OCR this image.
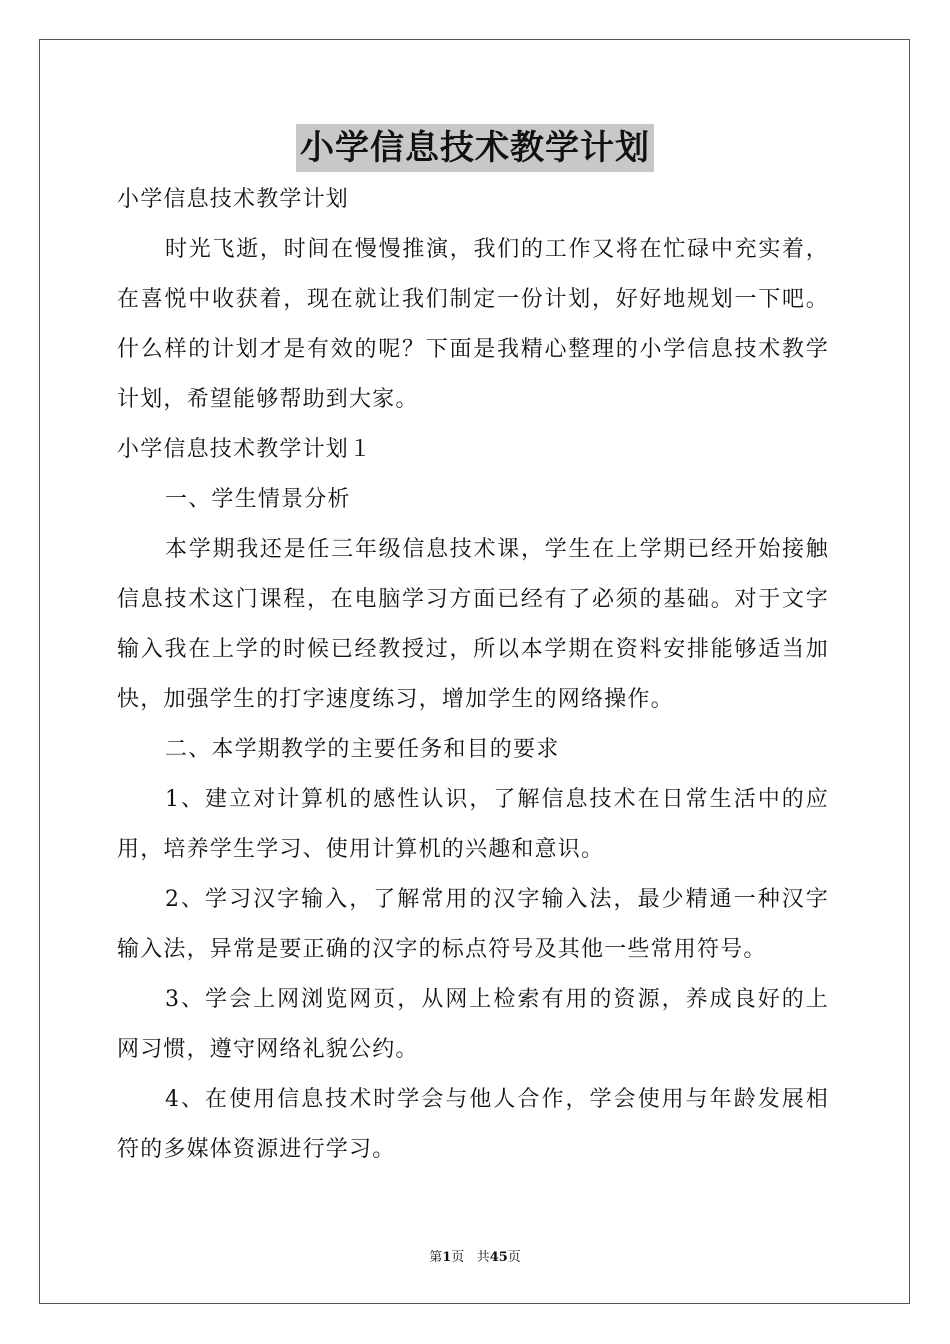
小学信息技术教学计划
小学信息技术教学计划
时光飞逝，时间在慢慢推演，我们的工作又将在忙碌中充实着，
在喜悦中收获着，现在就让我们制定一份计划，好好地规划一下吧。
什么样的计划才是有效的呢？下面是我精心整理的小学信息技术教学
计划，希望能够帮助到大家。
小学信息技术教学计划１
一、学生情景分析
本学期我还是任三年级信息技术课，学生在上学期已经开始接触
信息技术这门课程，在电脑学习方面已经有了必须的基础。对于文字
输入我在上学的时候已经教授过，所以本学期在资料安排能够适当加
快，加强学生的打字速度练习，增加学生的网络操作。
二、本学期教学的主要任务和目的要求
1、建立对计算机的感性认识，了解信息技术在日常生活中的应
用，培养学生学习、使用计算机的兴趣和意识。
2、学习汉字输入，了解常用的汉字输入法，最少精通一种汉字
输入法，异常是要正确的汉字的标点符号及其他一些常用符号。
3、学会上网浏览网页，从网上检索有用的资源，养成良好的上
网习惯，遵守网络礼貌公约。
4、在使用信息技术时学会与他人合作，学会使用与年龄发展相
符的多媒体资源进行学习。
第1页 共45页
